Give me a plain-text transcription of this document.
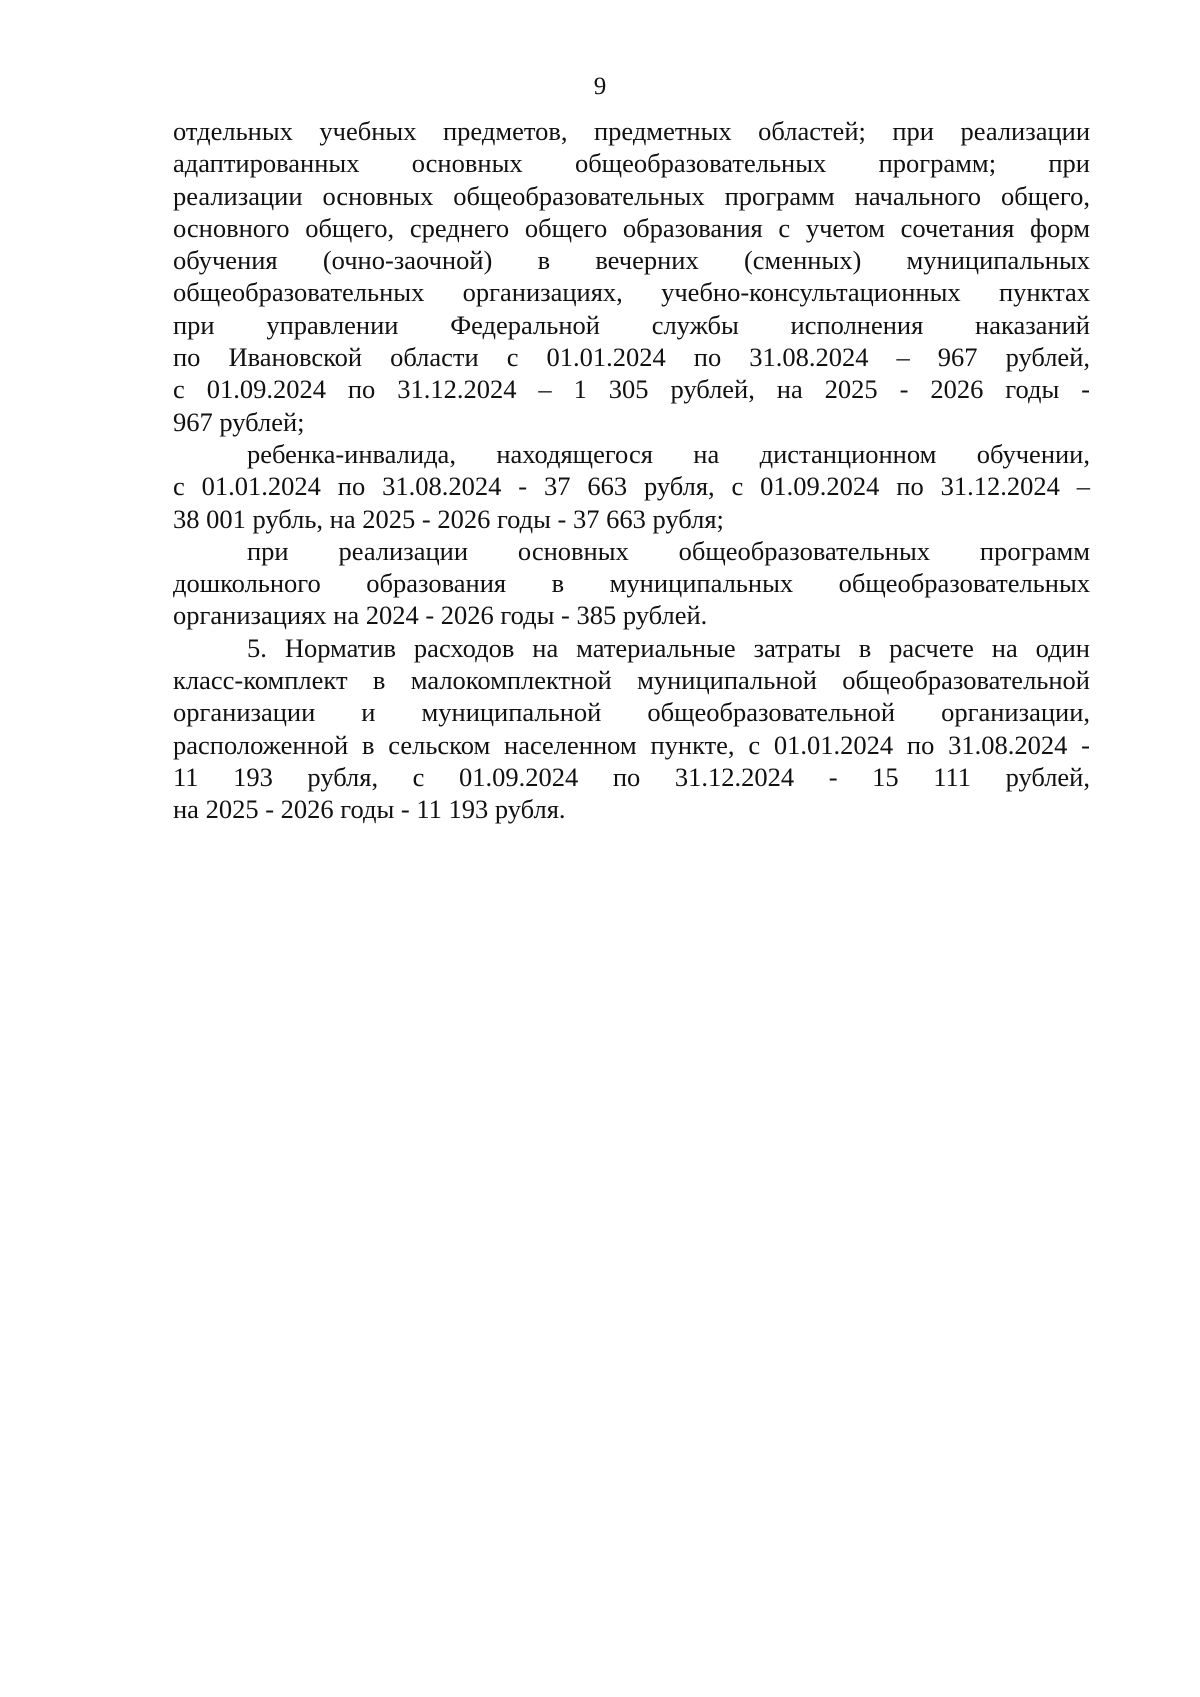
9
отдельных учебных предметов, предметных областей; при реализации
адаптированных основных общеобразовательных программ; при
реализации основных общеобразовательных программ начального общего,
основного общего, среднего общего образования с учетом сочетания форм
обучения (очно-заочной) в вечерних (сменных) муниципальных
общеобразовательных организациях, учебно-консультационных пунктах
при управлении Федеральной службы исполнения наказаний
по Ивановской области с 01.01.2024 по 31.08.2024 – 967 рублей,
с 01.09.2024 по 31.12.2024 – 1 305 рублей, на 2025 - 2026 годы -
967 рублей;
ребенка-инвалида, находящегося на дистанционном обучении,
с 01.01.2024 по 31.08.2024 - 37 663 рубля, с 01.09.2024 по 31.12.2024 –
38 001 рубль, на 2025 - 2026 годы - 37 663 рубля;
при реализации основных общеобразовательных программ
дошкольного образования в муниципальных общеобразовательных
организациях на 2024 - 2026 годы - 385 рублей.
5. Норматив расходов на материальные затраты в расчете на один
класс-комплект в малокомплектной муниципальной общеобразовательной
организации и муниципальной общеобразовательной организации,
расположенной в сельском населенном пункте, с 01.01.2024 по 31.08.2024 -
11 193 рубля, с 01.09.2024 по 31.12.2024 - 15 111 рублей,
на 2025 - 2026 годы - 11 193 рубля.
